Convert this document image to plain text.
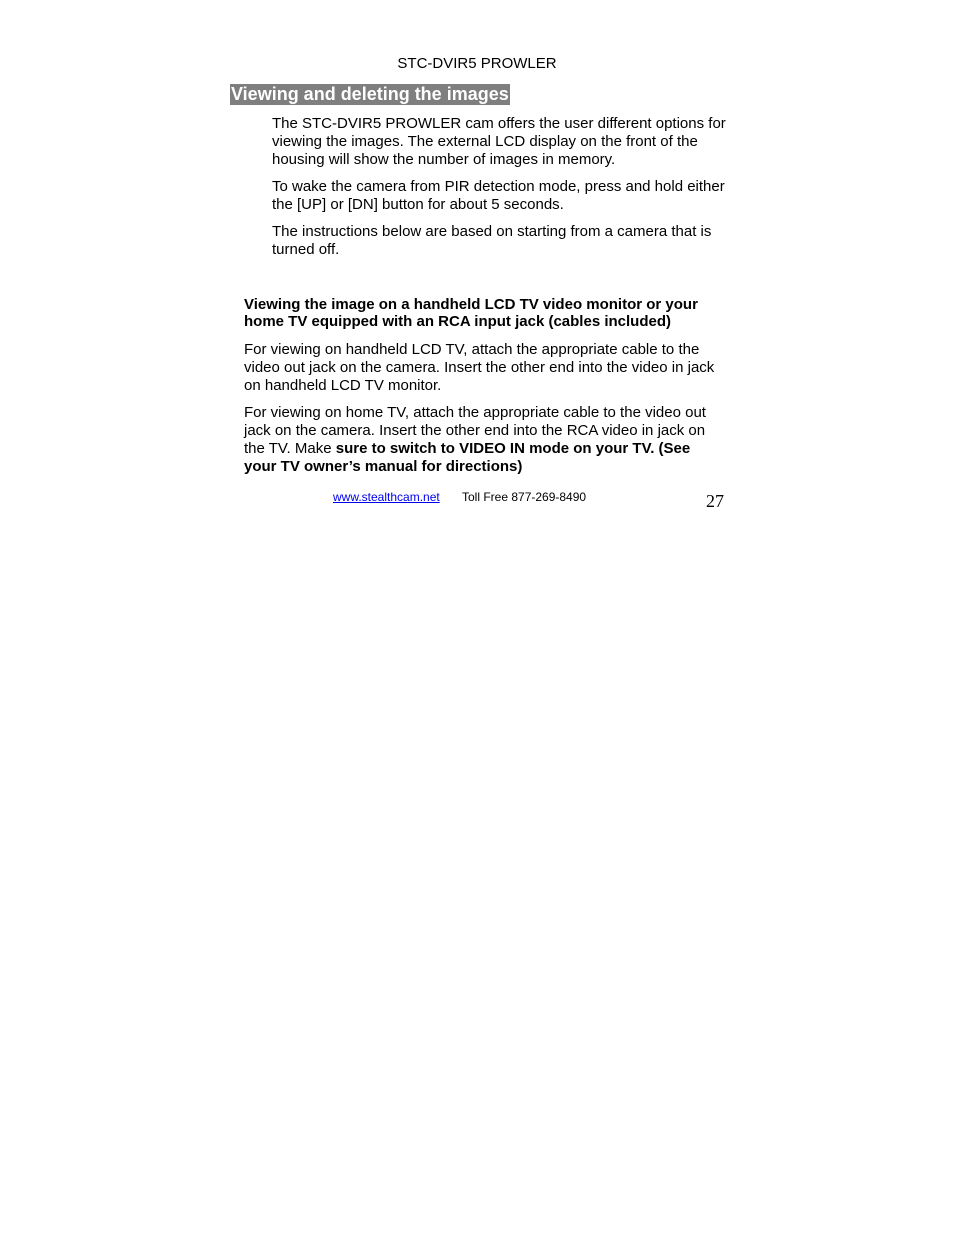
STC-DVIR5 PROWLER
Viewing and deleting the images

The STC-DVIR5 PROWLER cam offers the user different options for viewing the images. The external LCD display on the front of the housing will show the number of images in memory.

To wake the camera from PIR detection mode, press and hold either the [UP] or [DN] button for about 5 seconds.

The instructions below are based on starting from a camera that is turned off.

Viewing the image on a handheld LCD TV video monitor or your home TV equipped with an RCA input jack (cables included)

For viewing on handheld LCD TV, attach the appropriate cable to the video out jack on the camera. Insert the other end into the video in jack on handheld LCD TV monitor.

For viewing on home TV, attach the appropriate cable to the video out jack on the camera. Insert the other end into the RCA video in jack on the TV. Make sure to switch to VIDEO IN mode on your TV. (See your TV owner’s manual for directions)

www.stealthcam.net Toll Free 877-269-8490	27
